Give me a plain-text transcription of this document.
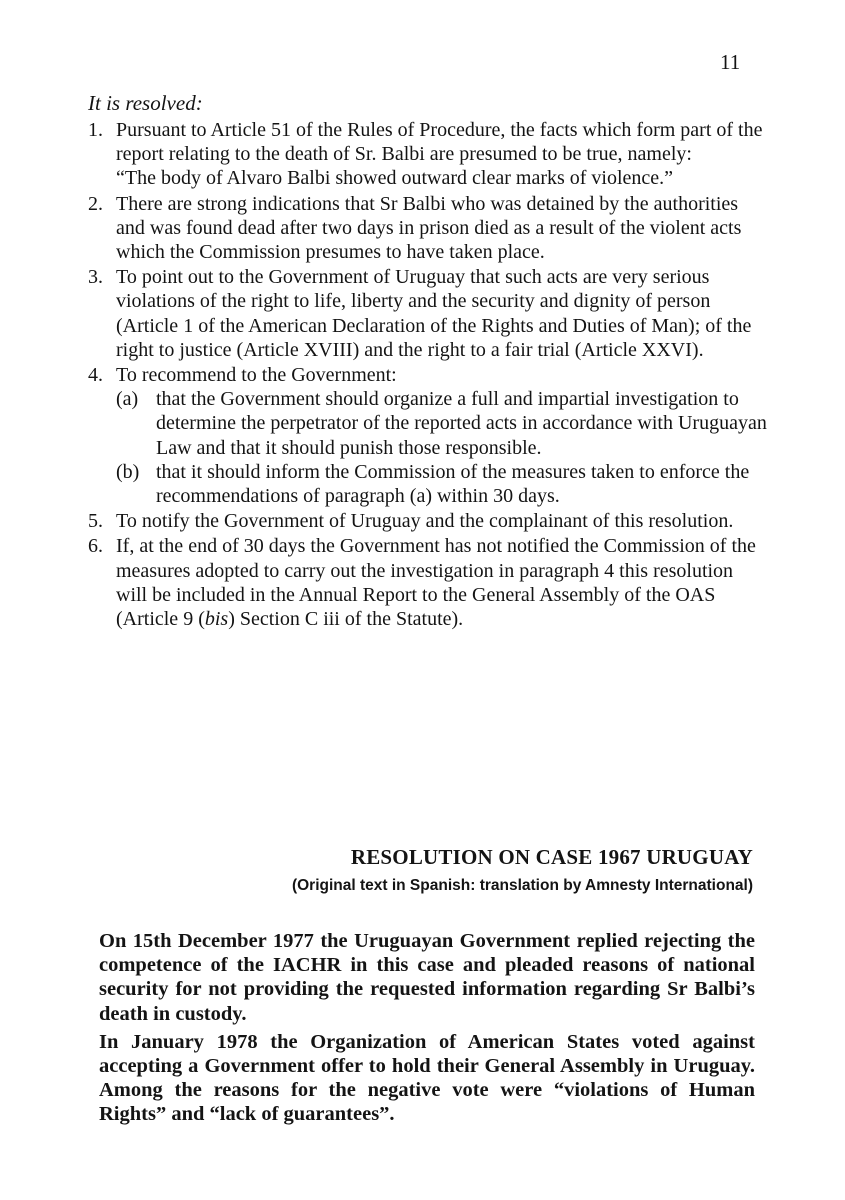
11
It is resolved:
1. Pursuant to Article 51 of the Rules of Procedure, the facts which form part of the report relating to the death of Sr. Balbi are presumed to be true, namely:
“The body of Alvaro Balbi showed outward clear marks of violence.”
2. There are strong indications that Sr Balbi who was detained by the authorities and was found dead after two days in prison died as a result of the violent acts which the Commission presumes to have taken place.
3. To point out to the Government of Uruguay that such acts are very serious violations of the right to life, liberty and the security and dignity of person (Article 1 of the American Declaration of the Rights and Duties of Man); of the right to justice (Article XVIII) and the right to a fair trial (Article XXVI).
4. To recommend to the Government:
(a) that the Government should organize a full and impartial investigation to determine the perpetrator of the reported acts in accordance with Uruguayan Law and that it should punish those responsible.
(b) that it should inform the Commission of the measures taken to enforce the recommendations of paragraph (a) within 30 days.
5. To notify the Government of Uruguay and the complainant of this resolution.
6. If, at the end of 30 days the Government has not notified the Commission of the measures adopted to carry out the investigation in paragraph 4 this resolution will be included in the Annual Report to the General Assembly of the OAS (Article 9 (bis) Section C iii of the Statute).
RESOLUTION ON CASE 1967 URUGUAY
(Original text in Spanish: translation by Amnesty International)

On 15th December 1977 the Uruguayan Government replied rejecting the competence of the IACHR in this case and pleaded reasons of national security for not providing the requested information regarding Sr Balbi’s death in custody.

In January 1978 the Organization of American States voted against accepting a Government offer to hold their General Assembly in Uruguay. Among the reasons for the negative vote were “violations of Human Rights” and “lack of guarantees”.
